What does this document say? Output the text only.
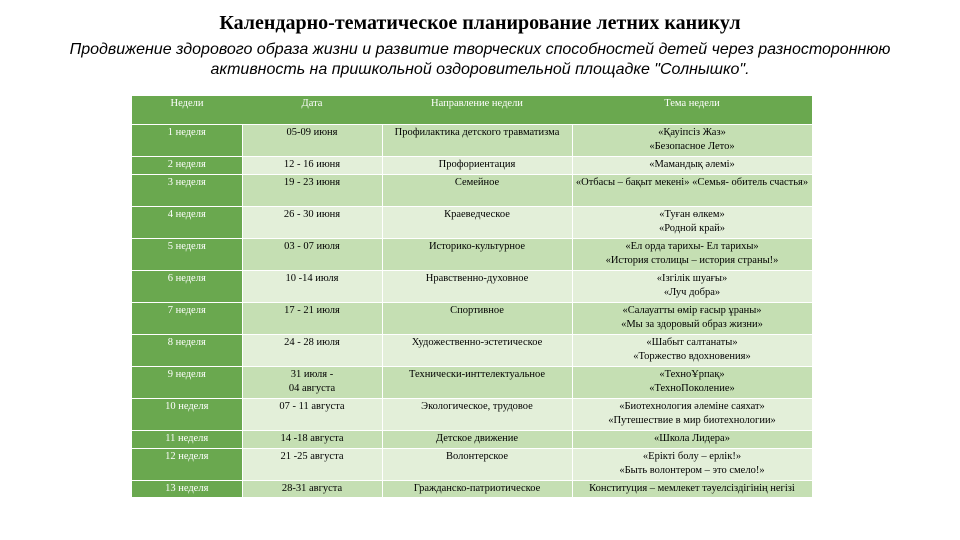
Календарно-тематическое планирование летних каникул
Продвижение здорового образа жизни и развитие творческих способностей детей через разностороннюю активность на пришкольной оздоровительной площадке "Солнышко".
Недели	Дата	Направление недели	Тема недели
1 неделя	05-09 июня	Профилактика детского травматизма	«Қауіпсіз Жаз»
«Безопасное Лето»
2 неделя	12 - 16 июня	Профориентация	«Мамандық әлемі»
3 неделя	19 - 23 июня	Семейное	«Отбасы – бақыт мекені» «Семья- обитель счастья»
4 неделя	26 - 30 июня	Краеведческое	«Туған өлкем»
«Родной край»
5 неделя	03 - 07 июля	Историко-культурное	«Ел орда тарихы- Ел тарихы»
«История столицы – история страны!»
6 неделя	10 -14 июля	Нравственно-духовное	«Ізгілік шуағы»
«Луч добра»
7 неделя	17 - 21 июля	Спортивное	«Салауатты өмір ғасыр ұраны»
«Мы за здоровый образ жизни»
8 неделя	24 - 28 июля	Художественно-эстетическое	«Шабыт салтанаты»
«Торжество вдохновения»
9 неделя	31 июля -
04 августа	Технически-инттелектуальное	«ТехноҰрпақ»
«ТехноПоколение»
10 неделя	07 - 11 августа	Экологическое, трудовое	«Биотехнология әлеміне саяхат»
«Путешествие в мир биотехнологии»
11 неделя	14 -18 августа	Детское движение	«Школа Лидера»
12 неделя	21 -25 августа	Волонтерское	«Ерікті болу – ерлік!»
«Быть волонтером – это смело!»
13 неделя	28-31 августа	Гражданско-патриотическое	Конституция – мемлекет тәуелсіздігінің негізі
